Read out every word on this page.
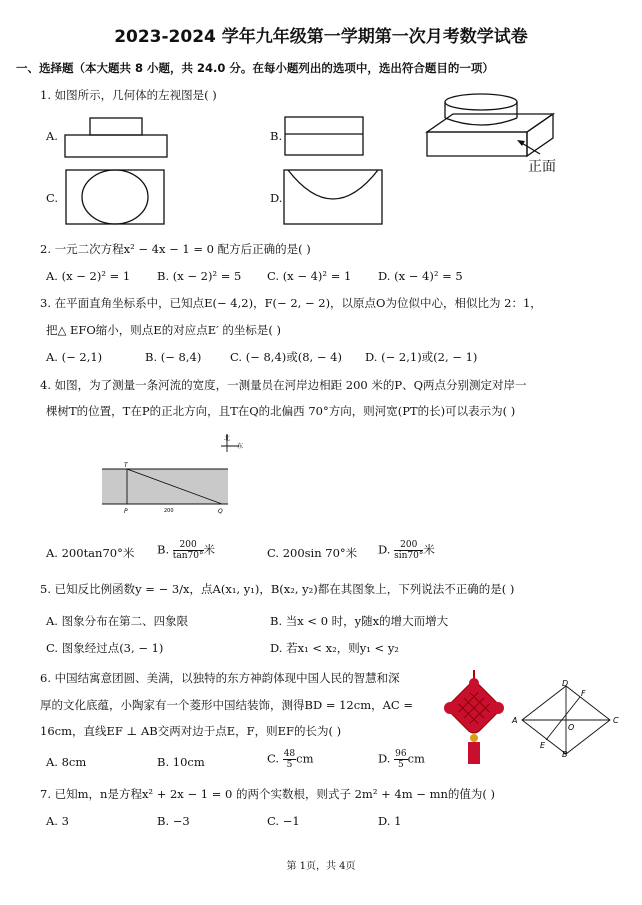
2023-2024 学年九年级第一学期第一次月考数学试卷
一、选择题（本大题共 8 小题，共 24.0 分。在每小题列出的选项中，选出符合题目的一项）
1. 如图所示，几何体的左视图是( )
A.	B.
C.	D.
正面
2. 一元二次方程x² − 4x − 1 = 0 配方后正确的是( )
A. (x − 2)² = 1 B. (x − 2)² = 5 C. (x − 4)² = 1 D. (x − 4)² = 5
3. 在平面直角坐标系中，已知点E(− 4,2)，F(− 2, − 2)，以原点O为位似中心，相似比为 2：1，
把△ EFO缩小，则点E的对应点E′ 的坐标是( )
A. (− 2,1)	B. (− 8,4) C. (− 8,4)或(8, − 4) D. (− 2,1)或(2, − 1)
4. 如图，为了测量一条河流的宽度，一测量员在河岸边相距 200 米的P、Q两点分别测定对岸一
棵树T的位置，T在P的正北方向，且T在Q的北偏西 70°方向，则河宽(PT的长)可以表示为( )
北
东
T
P	Q
200
A. 200tan70°米 B. $\frac{200}{\tan 70^\circ}$ 米	C. 200sin 70°米 D. $\frac{200}{\sin 70^\circ}$ 米
5. 已知反比例函数y = − 3/x，点A(x₁, y₁)，B(x₂, y₂)都在其图象上，下列说法不正确的是( )
A. 图象分布在第二、四象限	B. 当x < 0 时，y随x的增大而增大
C. 图象经过点(3, − 1)	D. 若x₁ < x₂，则y₁ < y₂
6. 中国结寓意团圆、美满，以独特的东方神韵体现中国人民的智慧和深
厚的文化底蕴，小陶家有一个菱形中国结装饰，测得BD = 12cm，AC =
16cm，直线EF ⊥ AB交两对边于点E，F，则EF的长为( )
A
B
C
D
E
F
O
A. 8cm	B. 10cm	C. $\frac{48}{5}$ cm	D. $\frac{96}{5}$ cm
7. 已知m，n是方程x² + 2x − 1 = 0 的两个实数根，则式子 2m² + 4m − mn的值为( )
A. 3	B. −3	C. −1	D. 1
第 1页，共 4页
